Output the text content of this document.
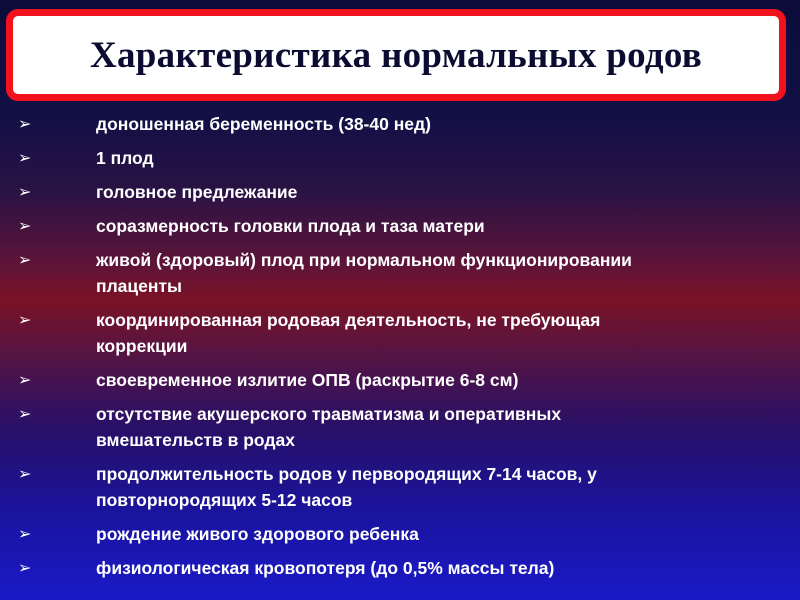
Характеристика нормальных родов
➢	доношенная беременность (38-40 нед)
➢	1 плод
➢	головное предлежание
➢	соразмерность головки плода и таза матери
➢	живой (здоровый) плод при нормальном функционировании
плаценты
➢	координированная родовая деятельность, не требующая
коррекции
➢	своевременное излитие ОПВ (раскрытие 6-8 см)
➢	отсутствие акушерского травматизма и оперативных
вмешательств в родах
➢	продолжительность родов у первородящих 7-14 часов, у
повторнородящих 5-12 часов
➢	рождение живого здорового ребенка
➢	физиологическая кровопотеря (до 0,5% массы тела)
